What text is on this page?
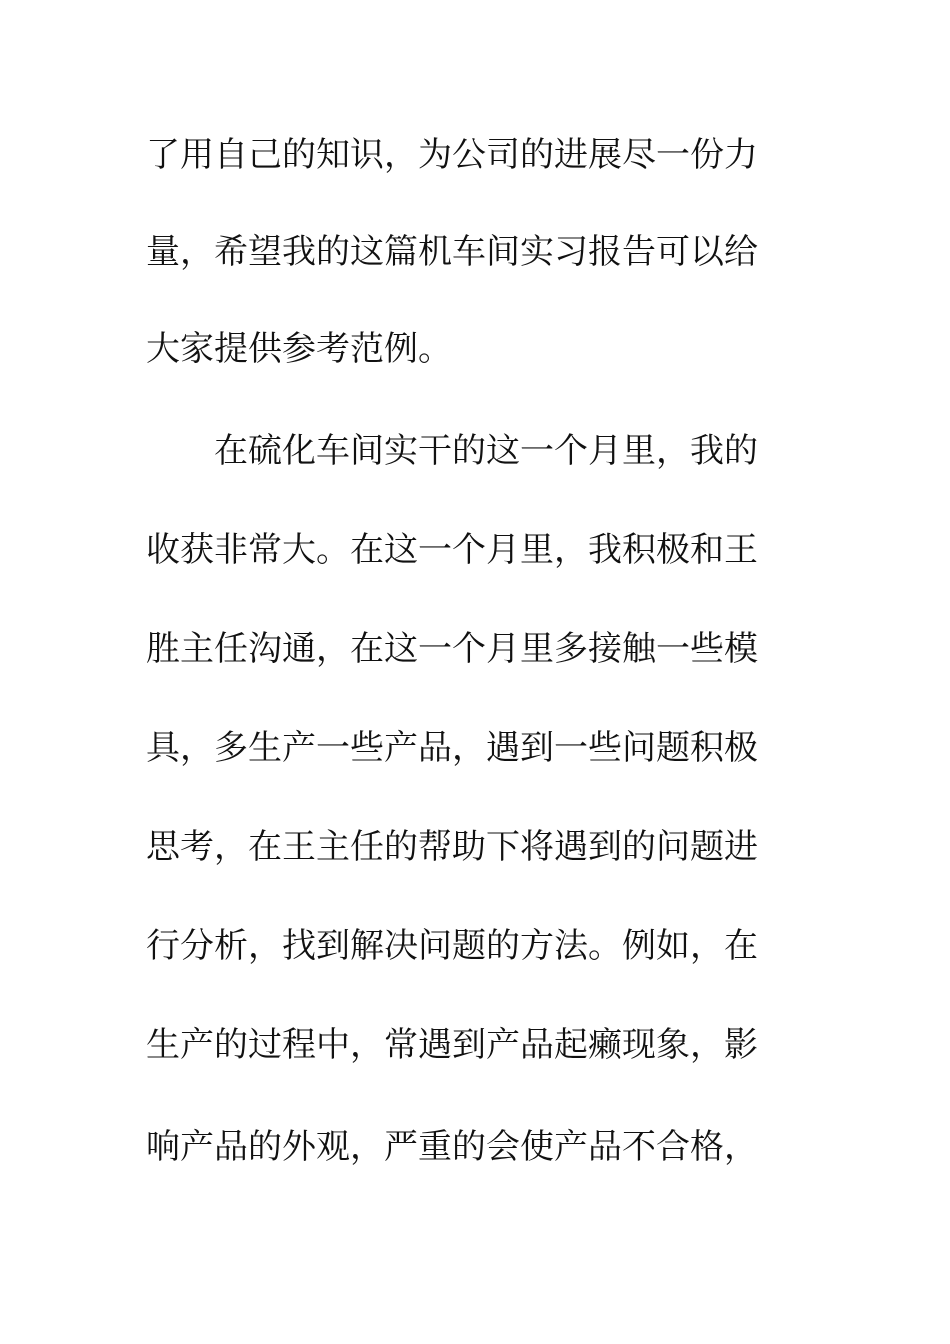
了用自己的知识，为公司的进展尽一份力
量，希望我的这篇机车间实习报告可以给
大家提供参考范例。
在硫化车间实干的这一个月里，我的
收获非常大。在这一个月里，我积极和王
胜主任沟通，在这一个月里多接触一些模
具，多生产一些产品，遇到一些问题积极
思考，在王主任的帮助下将遇到的问题进
行分析，找到解决问题的方法。例如，在
生产的过程中，常遇到产品起癞现象，影
响产品的外观，严重的会使产品不合格，
